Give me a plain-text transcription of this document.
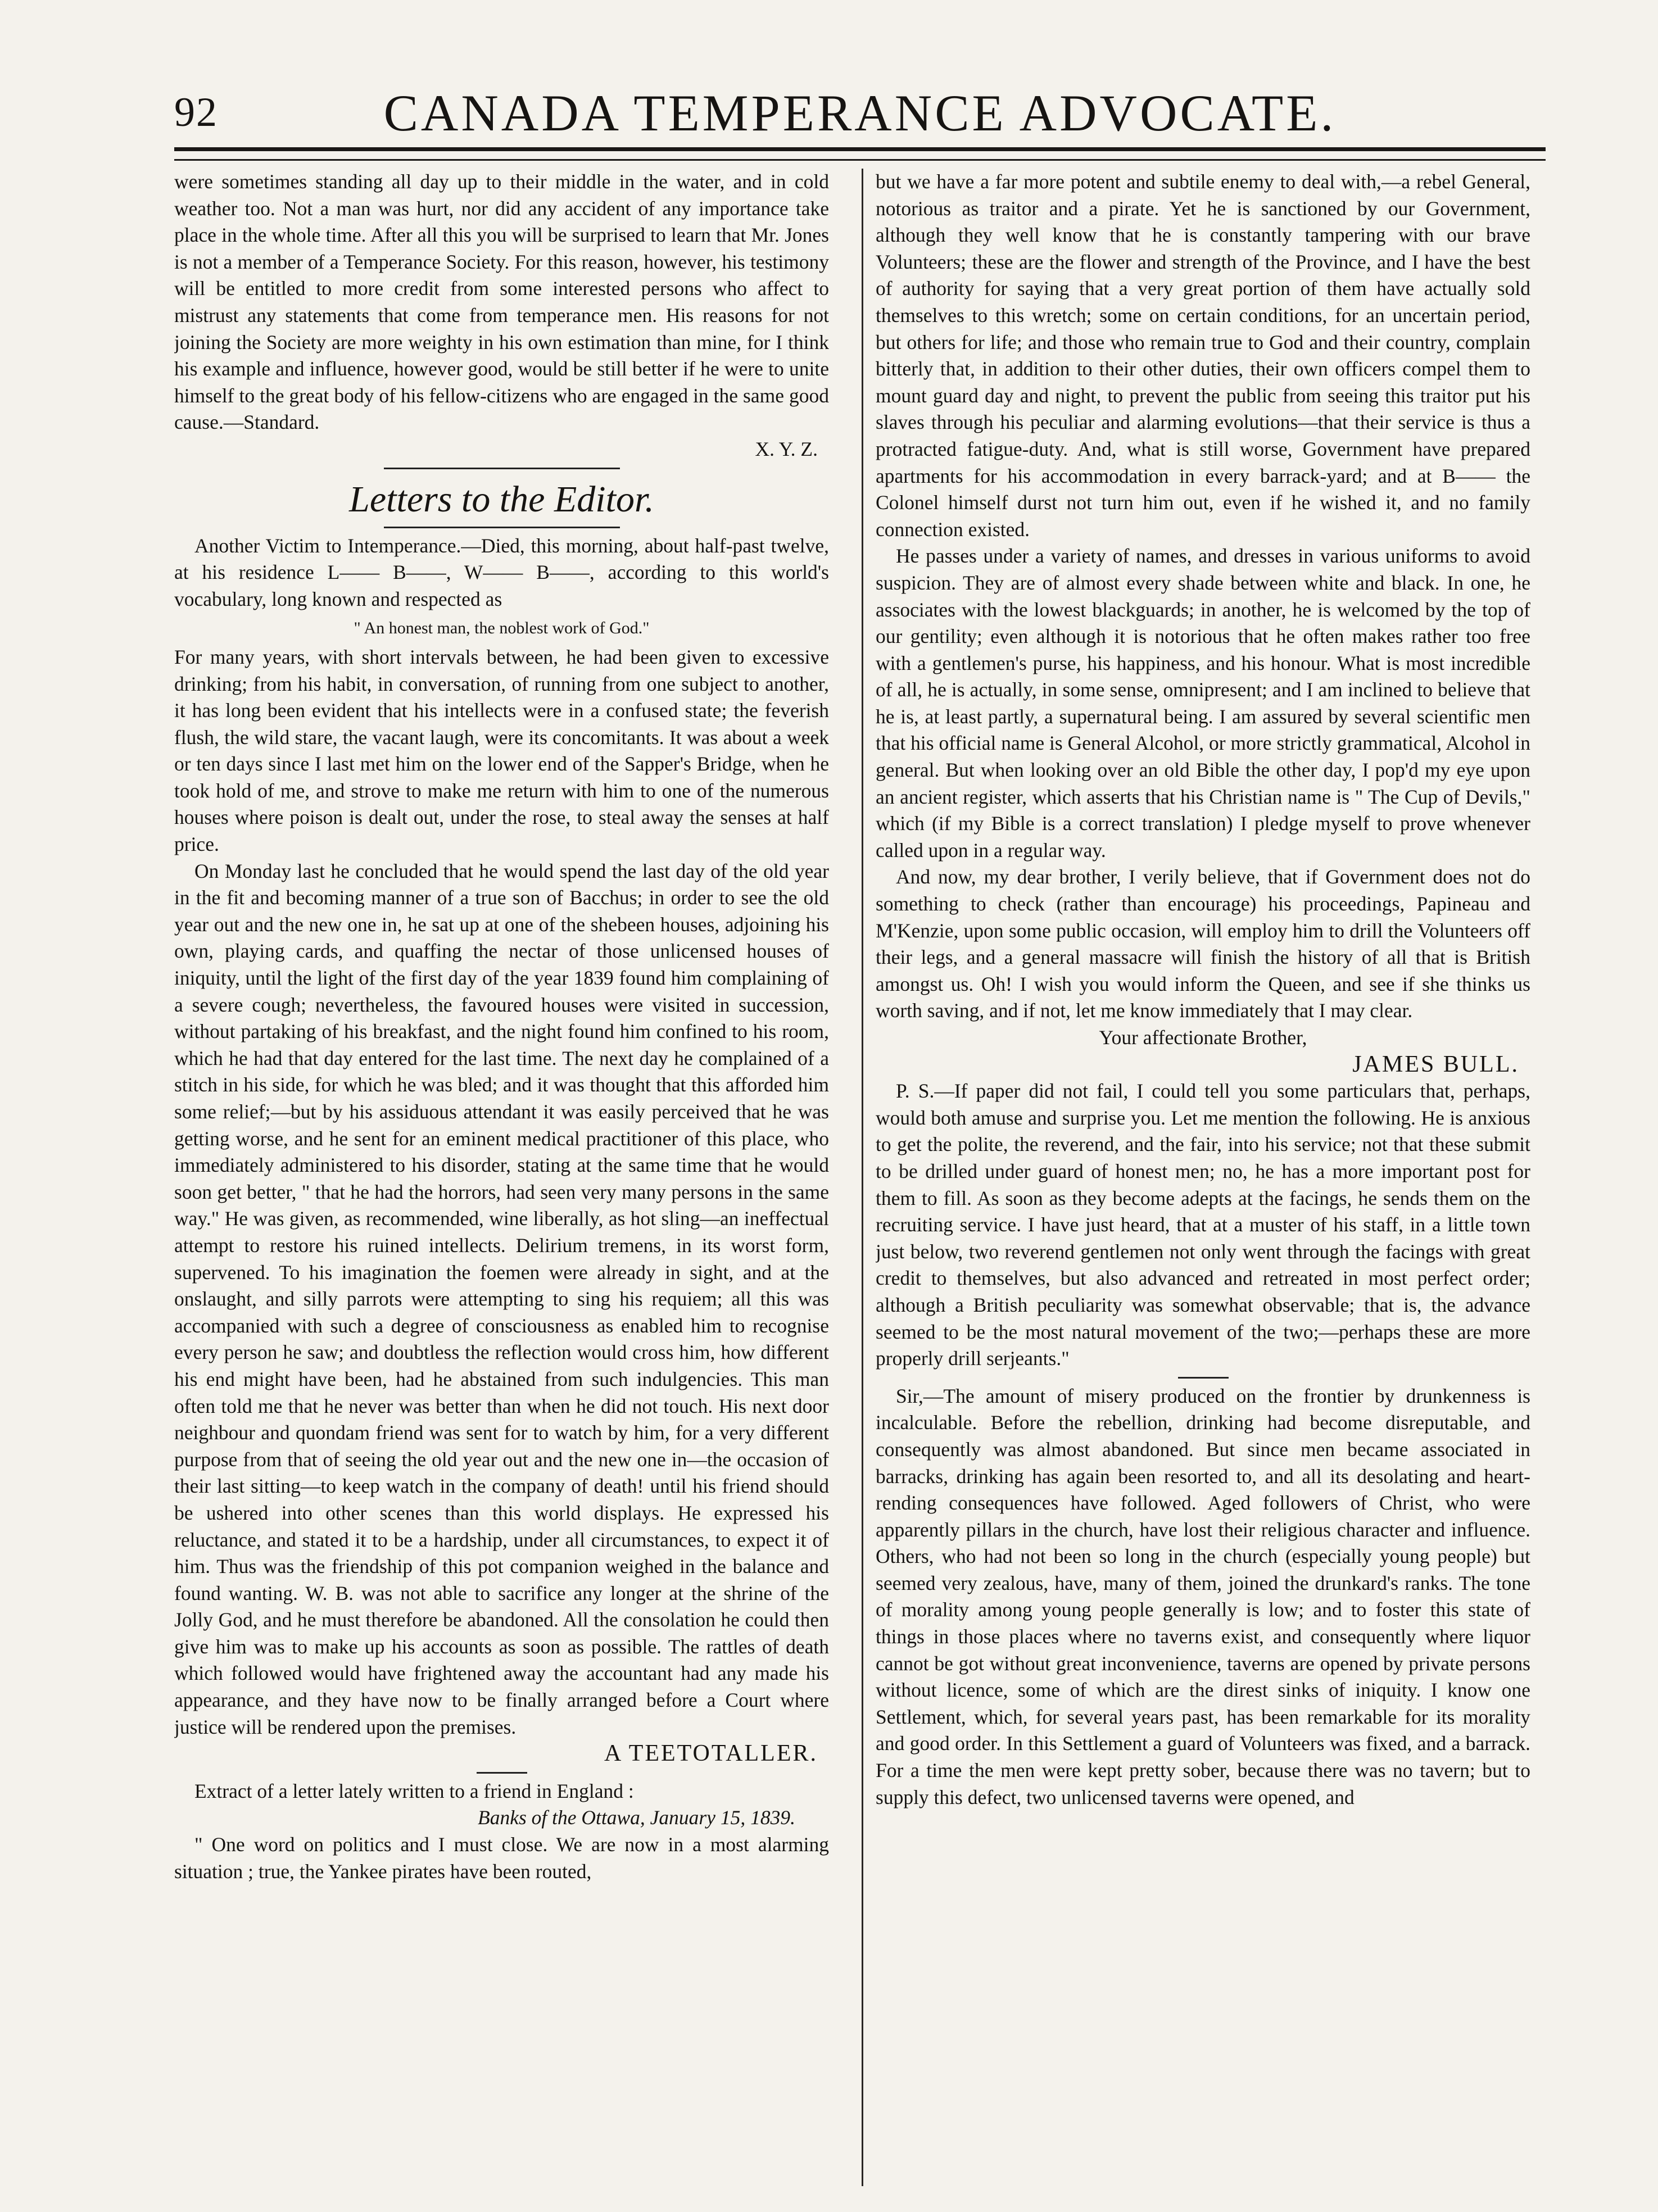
92	CANADA TEMPERANCE ADVOCATE.

were sometimes standing all day up to their middle in the water, and in cold weather too. Not a man was hurt, nor did any accident of any importance take place in the whole time. After all this you will be surprised to learn that Mr. Jones is not a member of a Temperance Society. For this reason, however, his testimony will be entitled to more credit from some interested persons who affect to mistrust any statements that come from temperance men. His reasons for not joining the Society are more weighty in his own estimation than mine, for I think his example and influence, however good, would be still better if he were to unite himself to the great body of his fellow-citizens who are engaged in the same good cause.—Standard.

X. Y. Z.
Letters to the Editor.

Another Victim to Intemperance.—Died, this morning, about half-past twelve, at his residence L—— B——, W—— B——, according to this world's vocabulary, long known and respected as

" An honest man, the noblest work of God."

For many years, with short intervals between, he had been given to excessive drinking; from his habit, in conversation, of running from one subject to another, it has long been evident that his intellects were in a confused state; the feverish flush, the wild stare, the vacant laugh, were its concomitants. It was about a week or ten days since I last met him on the lower end of the Sapper's Bridge, when he took hold of me, and strove to make me return with him to one of the numerous houses where poison is dealt out, under the rose, to steal away the senses at half price.

On Monday last he concluded that he would spend the last day of the old year in the fit and becoming manner of a true son of Bacchus; in order to see the old year out and the new one in, he sat up at one of the shebeen houses, adjoining his own, playing cards, and quaffing the nectar of those unlicensed houses of iniquity, until the light of the first day of the year 1839 found him complaining of a severe cough; nevertheless, the favoured houses were visited in succession, without partaking of his breakfast, and the night found him confined to his room, which he had that day entered for the last time. The next day he complained of a stitch in his side, for which he was bled; and it was thought that this afforded him some relief;—but by his assiduous attendant it was easily perceived that he was getting worse, and he sent for an eminent medical practitioner of this place, who immediately administered to his disorder, stating at the same time that he would soon get better, " that he had the horrors, had seen very many persons in the same way." He was given, as recommended, wine liberally, as hot sling—an ineffectual attempt to restore his ruined intellects. Delirium tremens, in its worst form, supervened. To his imagination the foemen were already in sight, and at the onslaught, and silly parrots were attempting to sing his requiem; all this was accompanied with such a degree of consciousness as enabled him to recognise every person he saw; and doubtless the reflection would cross him, how different his end might have been, had he abstained from such indulgencies. This man often told me that he never was better than when he did not touch. His next door neighbour and quondam friend was sent for to watch by him, for a very different purpose from that of seeing the old year out and the new one in—the occasion of their last sitting—to keep watch in the company of death! until his friend should be ushered into other scenes than this world displays. He expressed his reluctance, and stated it to be a hardship, under all circumstances, to expect it of him. Thus was the friendship of this pot companion weighed in the balance and found wanting. W. B. was not able to sacrifice any longer at the shrine of the Jolly God, and he must therefore be abandoned. All the consolation he could then give him was to make up his accounts as soon as possible. The rattles of death which followed would have frightened away the accountant had any made his appearance, and they have now to be finally arranged before a Court where justice will be rendered upon the premises.

A TEETOTALLER.

Extract of a letter lately written to a friend in England :

Banks of the Ottawa, January 15, 1839.

" One word on politics and I must close. We are now in a most alarming situation ; true, the Yankee pirates have been routed,

but we have a far more potent and subtile enemy to deal with,—a rebel General, notorious as traitor and a pirate. Yet he is sanctioned by our Government, although they well know that he is constantly tampering with our brave Volunteers; these are the flower and strength of the Province, and I have the best of authority for saying that a very great portion of them have actually sold themselves to this wretch; some on certain conditions, for an uncertain period, but others for life; and those who remain true to God and their country, complain bitterly that, in addition to their other duties, their own officers compel them to mount guard day and night, to prevent the public from seeing this traitor put his slaves through his peculiar and alarming evolutions—that their service is thus a protracted fatigue-duty. And, what is still worse, Government have prepared apartments for his accommodation in every barrack-yard; and at B—— the Colonel himself durst not turn him out, even if he wished it, and no family connection existed.

He passes under a variety of names, and dresses in various uniforms to avoid suspicion. They are of almost every shade between white and black. In one, he associates with the lowest blackguards; in another, he is welcomed by the top of our gentility; even although it is notorious that he often makes rather too free with a gentlemen's purse, his happiness, and his honour. What is most incredible of all, he is actually, in some sense, omnipresent; and I am inclined to believe that he is, at least partly, a supernatural being. I am assured by several scientific men that his official name is General Alcohol, or more strictly grammatical, Alcohol in general. But when looking over an old Bible the other day, I pop'd my eye upon an ancient register, which asserts that his Christian name is " The Cup of Devils," which (if my Bible is a correct translation) I pledge myself to prove whenever called upon in a regular way.

And now, my dear brother, I verily believe, that if Government does not do something to check (rather than encourage) his proceedings, Papineau and M'Kenzie, upon some public occasion, will employ him to drill the Volunteers off their legs, and a general massacre will finish the history of all that is British amongst us. Oh! I wish you would inform the Queen, and see if she thinks us worth saving, and if not, let me know immediately that I may clear.

Your affectionate Brother,
JAMES BULL.

P. S.—If paper did not fail, I could tell you some particulars that, perhaps, would both amuse and surprise you. Let me mention the following. He is anxious to get the polite, the reverend, and the fair, into his service; not that these submit to be drilled under guard of honest men; no, he has a more important post for them to fill. As soon as they become adepts at the facings, he sends them on the recruiting service. I have just heard, that at a muster of his staff, in a little town just below, two reverend gentlemen not only went through the facings with great credit to themselves, but also advanced and retreated in most perfect order; although a British peculiarity was somewhat observable; that is, the advance seemed to be the most natural movement of the two;—perhaps these are more properly drill serjeants."

Sir,—The amount of misery produced on the frontier by drunkenness is incalculable. Before the rebellion, drinking had become disreputable, and consequently was almost abandoned. But since men became associated in barracks, drinking has again been resorted to, and all its desolating and heart-rending consequences have followed. Aged followers of Christ, who were apparently pillars in the church, have lost their religious character and influence. Others, who had not been so long in the church (especially young people) but seemed very zealous, have, many of them, joined the drunkard's ranks. The tone of morality among young people generally is low; and to foster this state of things in those places where no taverns exist, and consequently where liquor cannot be got without great inconvenience, taverns are opened by private persons without licence, some of which are the direst sinks of iniquity. I know one Settlement, which, for several years past, has been remarkable for its morality and good order. In this Settlement a guard of Volunteers was fixed, and a barrack. For a time the men were kept pretty sober, because there was no tavern; but to supply this defect, two unlicensed taverns were opened, and
